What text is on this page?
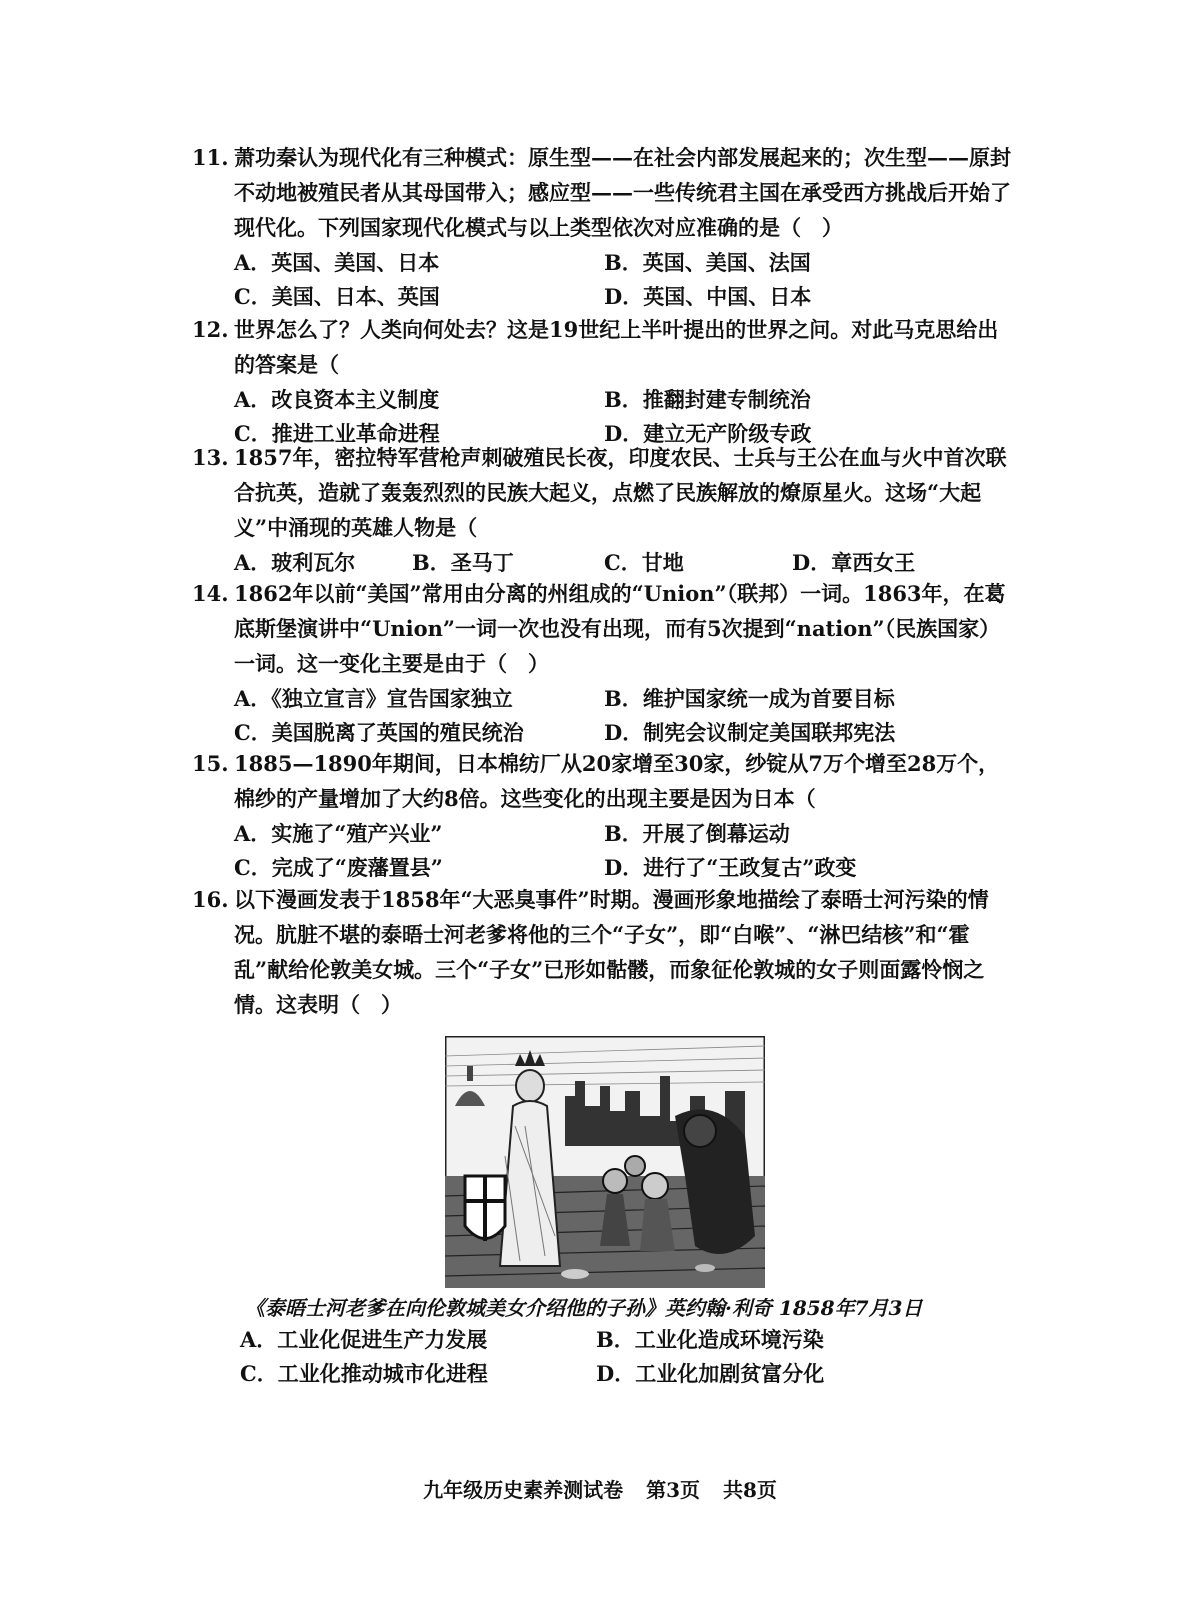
11. 萧功秦认为现代化有三种模式：原生型——在社会内部发展起来的；次生型——原封不动地被殖民者从其母国带入；感应型——一些传统君主国在承受西方挑战后开始了现代化。下列国家现代化模式与以上类型依次对应准确的是（　）
A．英国、美国、日本	B．英国、美国、法国
C．美国、日本、英国	D．英国、中国、日本
12. 世界怎么了？人类向何处去？这是19世纪上半叶提出的世界之问。对此马克思给出的答案是（
A．改良资本主义制度	B．推翻封建专制统治
C．推进工业革命进程	D．建立无产阶级专政
13. 1857年，密拉特军营枪声刺破殖民长夜，印度农民、士兵与王公在血与火中首次联合抗英，造就了轰轰烈烈的民族大起义，点燃了民族解放的燎原星火。这场“大起义”中涌现的英雄人物是（
A．玻利瓦尔	B．圣马丁	C．甘地	D．章西女王
14. 1862年以前“美国”常用由分离的州组成的“Union”（联邦）一词。1863年，在葛底斯堡演讲中“Union”一词一次也没有出现，而有5次提到“nation”（民族国家）一词。这一变化主要是由于（　）
A．《独立宣言》宣告国家独立	B．维护国家统一成为首要目标
C．美国脱离了英国的殖民统治	D．制宪会议制定美国联邦宪法
15. 1885—1890年期间，日本棉纺厂从20家增至30家，纱锭从7万个增至28万个，棉纱的产量增加了大约8倍。这些变化的出现主要是因为日本（
A．实施了“殖产兴业”	B．开展了倒幕运动
C．完成了“废藩置县”	D．进行了“王政复古”政变
16. 以下漫画发表于1858年“大恶臭事件”时期。漫画形象地描绘了泰晤士河污染的情况。肮脏不堪的泰晤士河老爹将他的三个“子女”，即“白喉”、“淋巴结核”和“霍乱”献给伦敦美女城。三个“子女”已形如骷髅，而象征伦敦城的女子则面露怜悯之情。这表明（　）
《泰晤士河老爹在向伦敦城美女介绍他的子孙》英约翰·利奇 1858年7月3日
A．工业化促进生产力发展	B．工业化造成环境污染
C．工业化推动城市化进程	D．工业化加剧贫富分化
九年级历史素养测试卷 第3页 共8页
